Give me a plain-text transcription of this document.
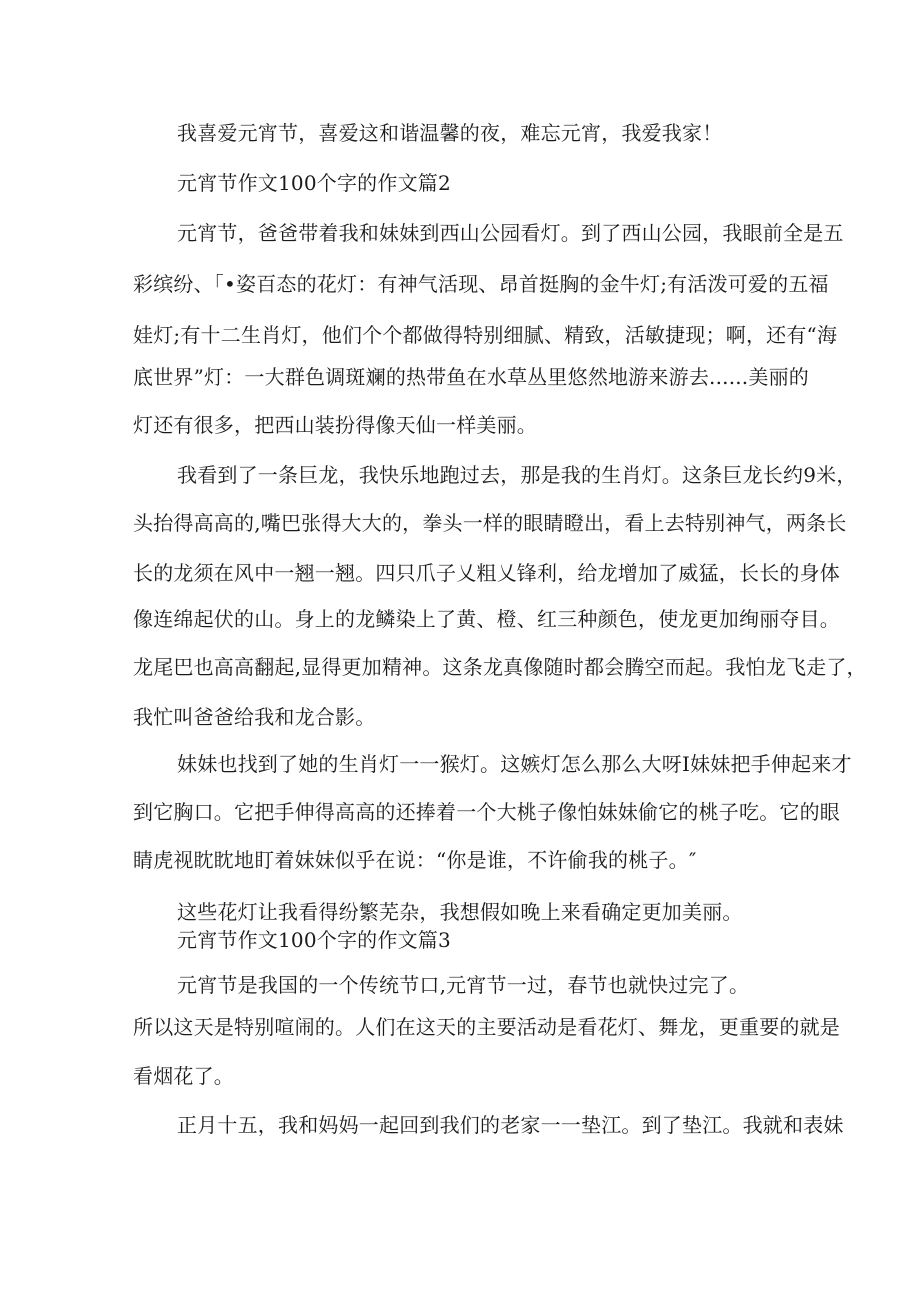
我喜爱元宵节，喜爱这和谐温馨的夜，难忘元宵，我爱我家！
元宵节作文100个字的作文篇2
元宵节，爸爸带着我和妹妹到西山公园看灯。到了西山公园，我眼前全是五
彩缤纷、「•姿百态的花灯：有神气活现、昂首挺胸的金牛灯;有活泼可爱的五福
娃灯;有十二生肖灯，他们个个都做得特别细腻、精致，活敏捷现；啊，还有“海
底世界”灯：一大群色调斑斓的热带鱼在水草丛里悠然地游来游去......美丽的
灯还有很多，把西山装扮得像天仙一样美丽。
我看到了一条巨龙，我快乐地跑过去，那是我的生肖灯。这条巨龙长约9米，
头抬得高高的,嘴巴张得大大的，拳头一样的眼睛瞪出，看上去特别神气，两条长
长的龙须在风中一翘一翘。四只爪子乂粗乂锋利，给龙增加了威猛，长长的身体
像连绵起伏的山。身上的龙鳞染上了黄、橙、红三种颜色，使龙更加绚丽夺目。
龙尾巴也高高翻起,显得更加精神。这条龙真像随时都会腾空而起。我怕龙飞走了，
我忙叫爸爸给我和龙合影。
妹妹也找到了她的生肖灯一一猴灯。这嫉灯怎么那么大呀I妹妹把手伸起来才
到它胸口。它把手伸得高高的还捧着一个大桃子像怕妹妹偷它的桃子吃。它的眼
睛虎视眈眈地盯着妹妹似乎在说：“你是谁，不许偷我的桃子。″
这些花灯让我看得纷繁芜杂，我想假如晚上来看确定更加美丽。
元宵节作文100个字的作文篇3
元宵节是我国的一个传统节口,元宵节一过，春节也就快过完了。
所以这天是特别喧闹的。人们在这天的主要活动是看花灯、舞龙，更重要的就是
看烟花了。
正月十五，我和妈妈一起回到我们的老家一一垫江。到了垫江。我就和表妹
